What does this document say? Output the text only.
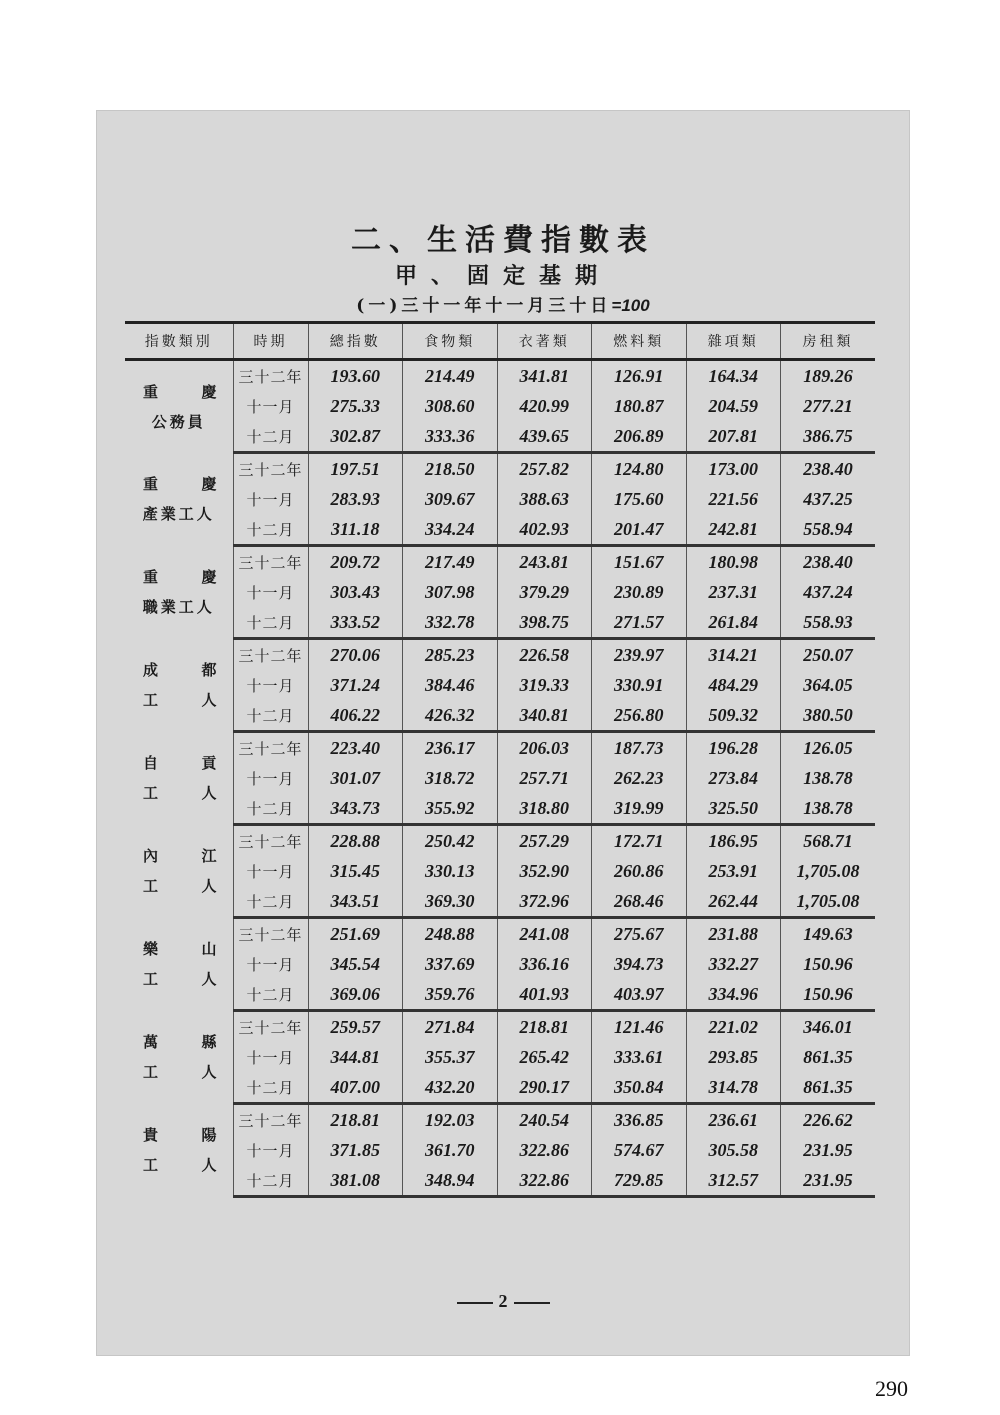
二、生活費指數表
甲、固定基期
(一)三十一年十一月三十日=100
指數類別	時期	總指數	食物類	衣著類	燃料類	雜項類	房租類

重 慶
公務員	三十二年	193.60	214.49	341.81	126.91	164.34	189.26
	十一月	275.33	308.60	420.99	180.87	204.59	277.21
	十二月	302.87	333.36	439.65	206.89	207.81	386.75

重 慶
產業工人	三十二年	197.51	218.50	257.82	124.80	173.00	238.40
	十一月	283.93	309.67	388.63	175.60	221.56	437.25
	十二月	311.18	334.24	402.93	201.47	242.81	558.94

重 慶
職業工人	三十二年	209.72	217.49	243.81	151.67	180.98	238.40
	十一月	303.43	307.98	379.29	230.89	237.31	437.24
	十二月	333.52	332.78	398.75	271.57	261.84	558.93

成 都
工 人	三十二年	270.06	285.23	226.58	239.97	314.21	250.07
	十一月	371.24	384.46	319.33	330.91	484.29	364.05
	十二月	406.22	426.32	340.81	256.80	509.32	380.50

自 貢
工 人	三十二年	223.40	236.17	206.03	187.73	196.28	126.05
	十一月	301.07	318.72	257.71	262.23	273.84	138.78
	十二月	343.73	355.92	318.80	319.99	325.50	138.78

內 江
工 人	三十二年	228.88	250.42	257.29	172.71	186.95	568.71
	十一月	315.45	330.13	352.90	260.86	253.91	1,705.08
	十二月	343.51	369.30	372.96	268.46	262.44	1,705.08

樂 山
工 人	三十二年	251.69	248.88	241.08	275.67	231.88	149.63
	十一月	345.54	337.69	336.16	394.73	332.27	150.96
	十二月	369.06	359.76	401.93	403.97	334.96	150.96

萬 縣
工 人	三十二年	259.57	271.84	218.81	121.46	221.02	346.01
	十一月	344.81	355.37	265.42	333.61	293.85	861.35
	十二月	407.00	432.20	290.17	350.84	314.78	861.35

貴 陽
工 人	三十二年	218.81	192.03	240.54	336.85	236.61	226.62
	十一月	371.85	361.70	322.86	574.67	305.58	231.95
	十二月	381.08	348.94	322.86	729.85	312.57	231.95
2
290
